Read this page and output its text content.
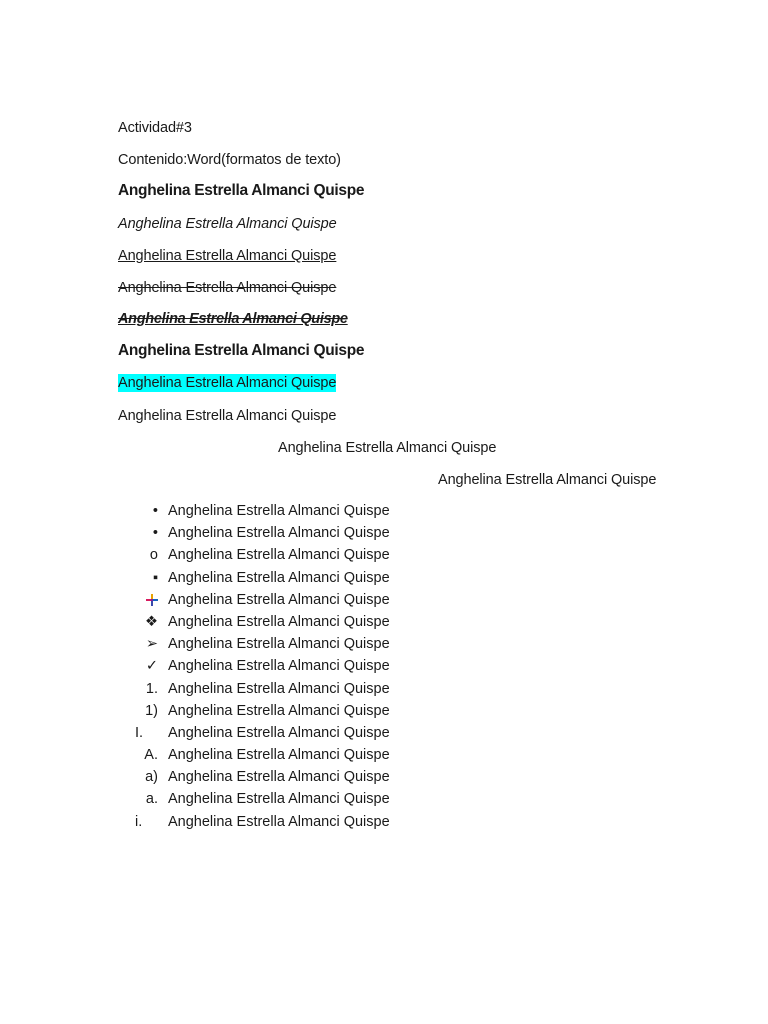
Actividad#3
Contenido:Word(formatos de texto)
Anghelina Estrella Almanci Quispe
Anghelina Estrella Almanci Quispe
Anghelina Estrella Almanci Quispe
Anghelina Estrella Almanci Quispe
Anghelina Estrella Almanci Quispe
Anghelina Estrella Almanci Quispe
Anghelina Estrella Almanci Quispe
Anghelina Estrella Almanci Quispe
Anghelina Estrella Almanci Quispe
Anghelina Estrella Almanci Quispe
• Anghelina Estrella Almanci Quispe
• Anghelina Estrella Almanci Quispe
o Anghelina Estrella Almanci Quispe
▪ Anghelina Estrella Almanci Quispe
Anghelina Estrella Almanci Quispe
❖ Anghelina Estrella Almanci Quispe
➢ Anghelina Estrella Almanci Quispe
✓ Anghelina Estrella Almanci Quispe
1. Anghelina Estrella Almanci Quispe
1) Anghelina Estrella Almanci Quispe
I.	Anghelina Estrella Almanci Quispe
A. Anghelina Estrella Almanci Quispe
a) Anghelina Estrella Almanci Quispe
a. Anghelina Estrella Almanci Quispe
i.	Anghelina Estrella Almanci Quispe
